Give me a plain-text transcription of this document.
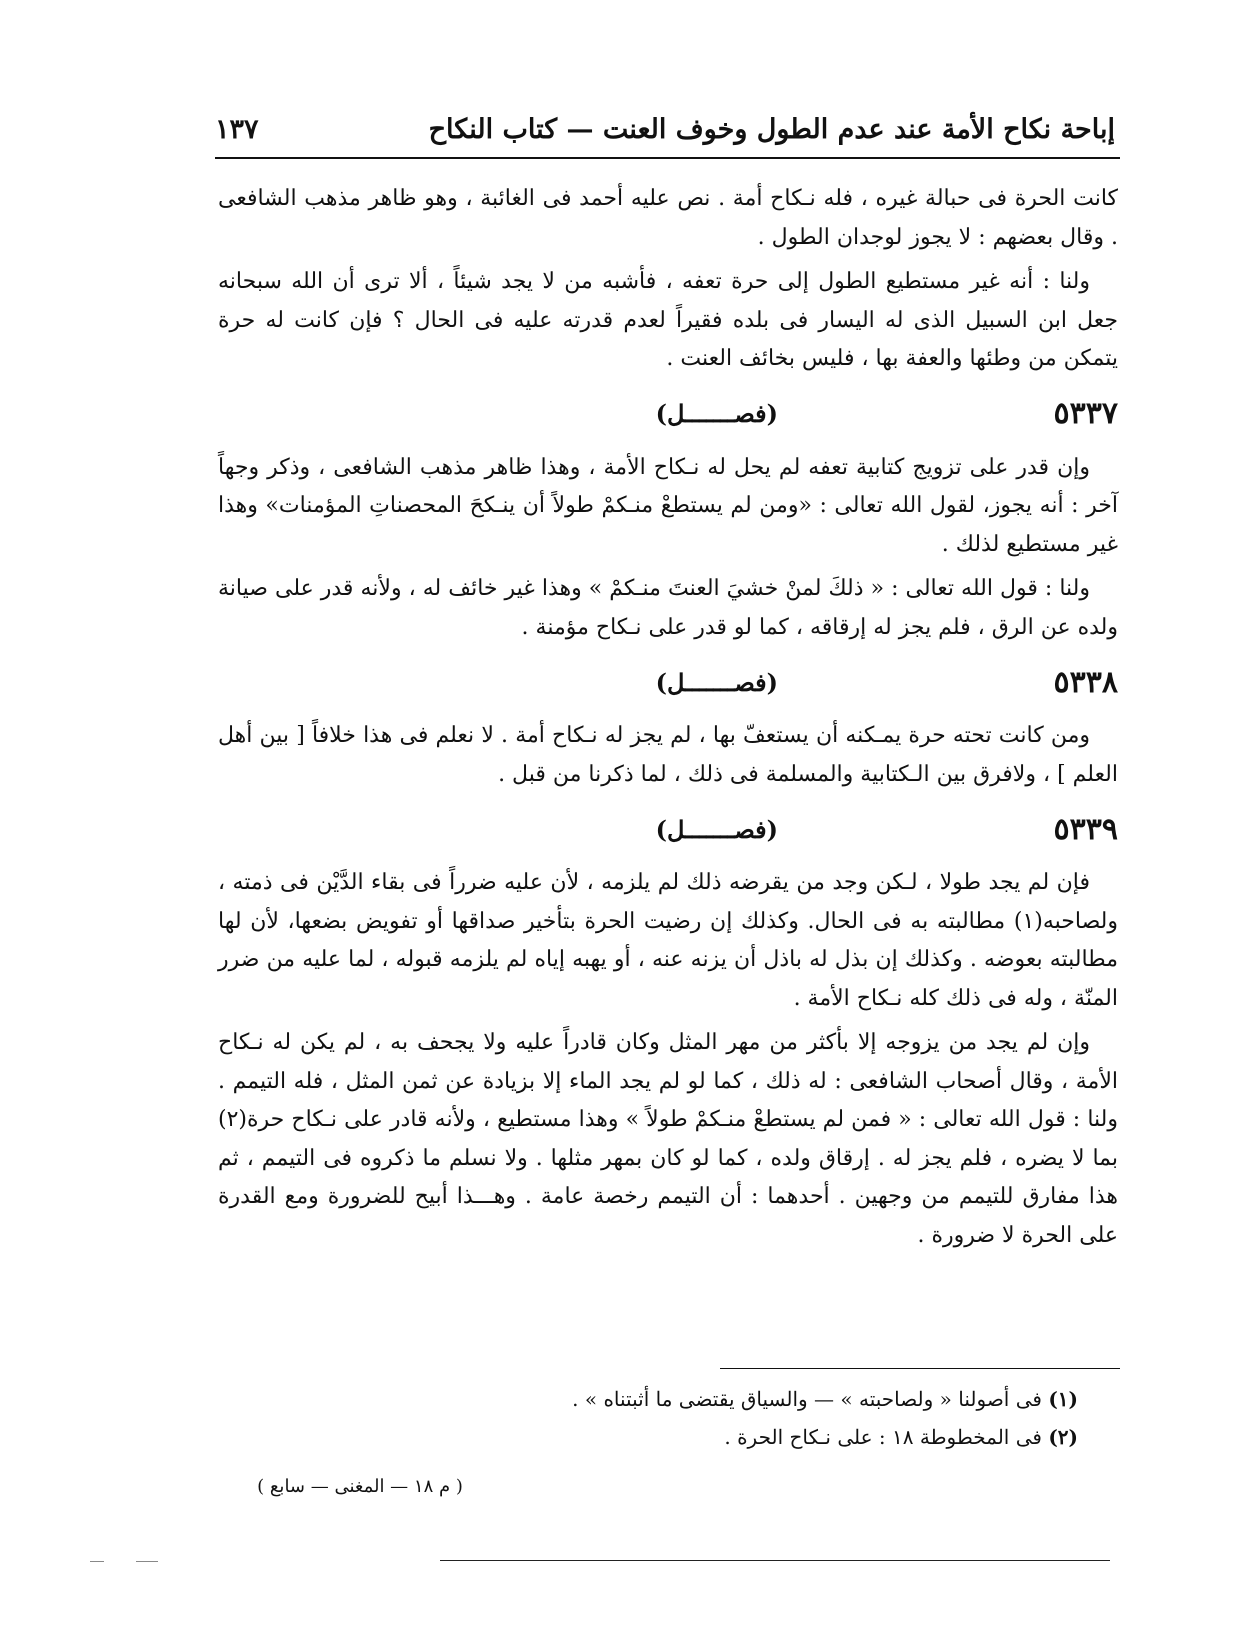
إباحة نكاح الأمة عند عدم الطول وخوف العنت — كتاب النكاح
١٣٧

كانت الحرة فى حبالة غيره ، فله نـكاح أمة . نص عليه أحمد فى الغائبة ، وهو ظاهر مذهب الشافعى . وقال بعضهم : لا يجوز لوجدان الطول .

ولنا : أنه غير مستطيع الطول إلى حرة تعفه ، فأشبه من لا يجد شيئاً ، ألا ترى أن الله سبحانه جعل ابن السبيل الذى له اليسار فى بلده فقيراً لعدم قدرته عليه فى الحال ؟ فإن كانت له حرة يتمكن من وطئها والعفة بها ، فليس بخائف العنت .

٥٣٣٧
(فصـــــــل)

وإن قدر على تزويج كتابية تعفه لم يحل له نـكاح الأمة ، وهذا ظاهر مذهب الشافعى ، وذكر وجهاً آخر : أنه يجوز، لقول الله تعالى : «ومن لم يستطعْ منـكمْ طولاً أن ينـكحَ المحصناتِ المؤمنات» وهذا غير مستطيع لذلك .

ولنا : قول الله تعالى : « ذلكَ لمنْ خشيَ العنتَ منـكمْ » وهذا غير خائف له ، ولأنه قدر على صيانة ولده عن الرق ، فلم يجز له إرقاقه ، كما لو قدر على نـكاح مؤمنة .

٥٣٣٨
(فصـــــــل)

ومن كانت تحته حرة يمـكنه أن يستعفّ بها ، لم يجز له نـكاح أمة . لا نعلم فى هذا خلافاً [ بين أهل العلم ] ، ولافرق بين الـكتابية والمسلمة فى ذلك ، لما ذكرنا من قبل .

٥٣٣٩
(فصـــــــل)

فإن لم يجد طولا ، لـكن وجد من يقرضه ذلك لم يلزمه ، لأن عليه ضرراً فى بقاء الدَّيْن فى ذمته ، ولصاحبه(١) مطالبته به فى الحال. وكذلك إن رضيت الحرة بتأخير صداقها أو تفويض بضعها، لأن لها مطالبته بعوضه . وكذلك إن بذل له باذل أن يزنه عنه ، أو يهبه إياه لم يلزمه قبوله ، لما عليه من ضرر المنّة ، وله فى ذلك كله نـكاح الأمة .

وإن لم يجد من يزوجه إلا بأكثر من مهر المثل وكان قادراً عليه ولا يجحف به ، لم يكن له نـكاح الأمة ، وقال أصحاب الشافعى : له ذلك ، كما لو لم يجد الماء إلا بزيادة عن ثمن المثل ، فله التيمم . ولنا : قول الله تعالى : « فمن لم يستطعْ منـكمْ طولاً » وهذا مستطيع ، ولأنه قادر على نـكاح حرة(٢) بما لا يضره ، فلم يجز له . إرقاق ولده ، كما لو كان بمهر مثلها . ولا نسلم ما ذكروه فى التيمم ، ثم هذا مفارق للتيمم من وجهين . أحدهما : أن التيمم رخصة عامة . وهـــذا أبيح للضرورة ومع القدرة على الحرة لا ضرورة .

(١) فى أصولنا « ولصاحبته » — والسياق يقتضى ما أثبتناه » .
(٢) فى المخطوطة ١٨ : على نـكاح الحرة .
( م ١٨ — المغنى — سابع )
